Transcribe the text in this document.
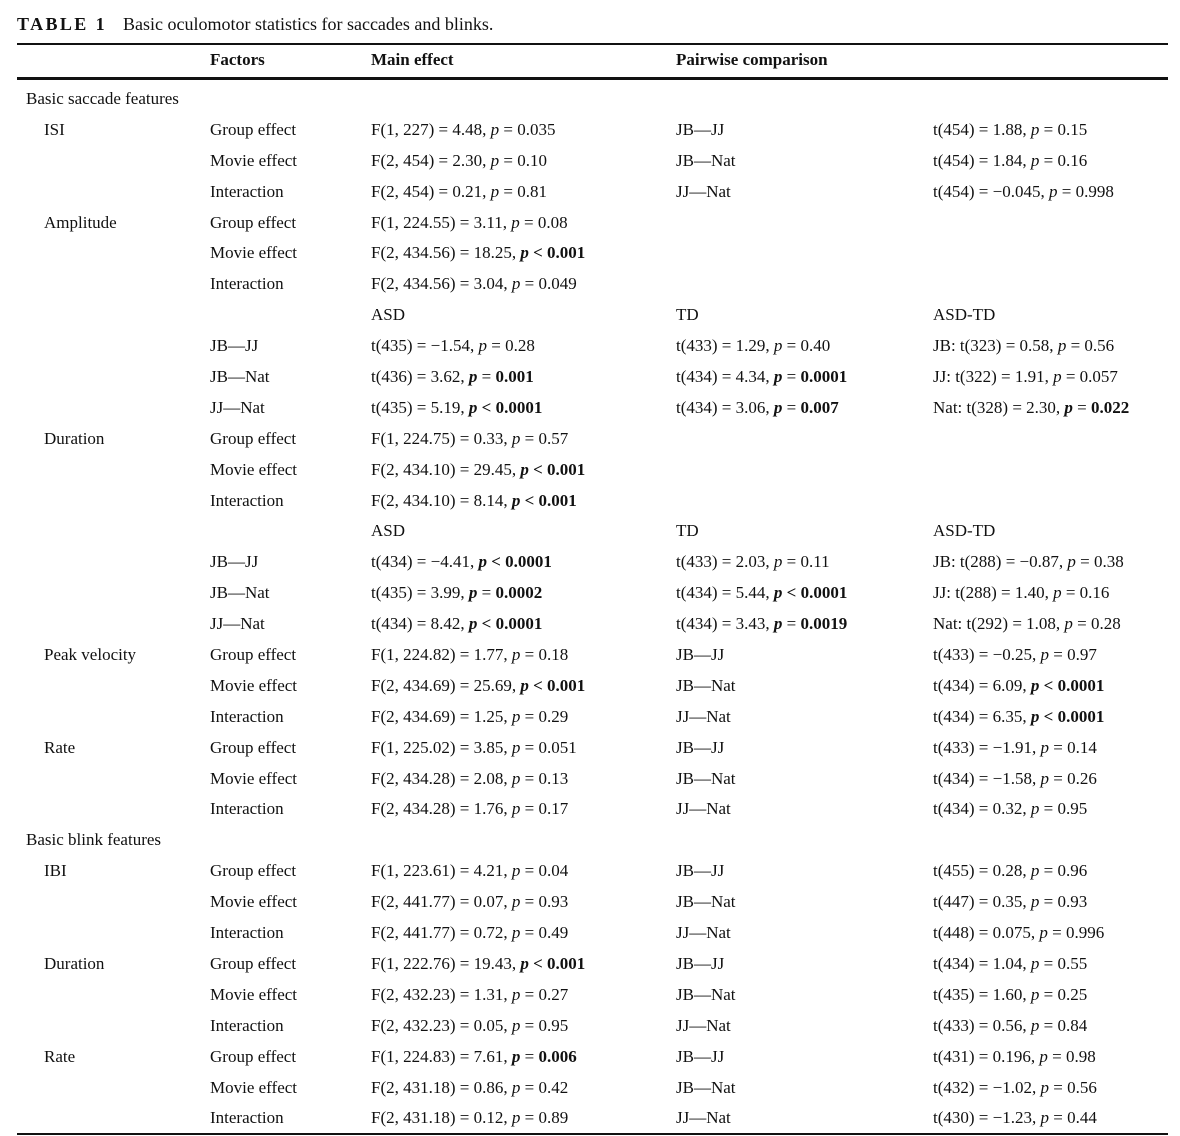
TABLE 1 Basic oculomotor statistics for saccades and blinks.
Factors	Main effect	Pairwise comparison
Basic saccade features
ISI	Group effect	F(1, 227) = 4.48, p = 0.035	JB—JJ	t(454) = 1.88, p = 0.15
Movie effect	F(2, 454) = 2.30, p = 0.10	JB—Nat	t(454) = 1.84, p = 0.16
Interaction	F(2, 454) = 0.21, p = 0.81	JJ—Nat	t(454) = −0.045, p = 0.998
Amplitude	Group effect	F(1, 224.55) = 3.11, p = 0.08
Movie effect	F(2, 434.56) = 18.25, p < 0.001
Interaction	F(2, 434.56) = 3.04, p = 0.049
ASD	TD	ASD-TD
JB—JJ	t(435) = −1.54, p = 0.28	t(433) = 1.29, p = 0.40	JB: t(323) = 0.58, p = 0.56
JB—Nat	t(436) = 3.62, p = 0.001	t(434) = 4.34, p = 0.0001	JJ: t(322) = 1.91, p = 0.057
JJ—Nat	t(435) = 5.19, p < 0.0001	t(434) = 3.06, p = 0.007	Nat: t(328) = 2.30, p = 0.022
Duration	Group effect	F(1, 224.75) = 0.33, p = 0.57
Movie effect	F(2, 434.10) = 29.45, p < 0.001
Interaction	F(2, 434.10) = 8.14, p < 0.001
ASD	TD	ASD-TD
JB—JJ	t(434) = −4.41, p < 0.0001	t(433) = 2.03, p = 0.11	JB: t(288) = −0.87, p = 0.38
JB—Nat	t(435) = 3.99, p = 0.0002	t(434) = 5.44, p < 0.0001	JJ: t(288) = 1.40, p = 0.16
JJ—Nat	t(434) = 8.42, p < 0.0001	t(434) = 3.43, p = 0.0019	Nat: t(292) = 1.08, p = 0.28
Peak velocity	Group effect	F(1, 224.82) = 1.77, p = 0.18	JB—JJ	t(433) = −0.25, p = 0.97
Movie effect	F(2, 434.69) = 25.69, p < 0.001	JB—Nat	t(434) = 6.09, p < 0.0001
Interaction	F(2, 434.69) = 1.25, p = 0.29	JJ—Nat	t(434) = 6.35, p < 0.0001
Rate	Group effect	F(1, 225.02) = 3.85, p = 0.051	JB—JJ	t(433) = −1.91, p = 0.14
Movie effect	F(2, 434.28) = 2.08, p = 0.13	JB—Nat	t(434) = −1.58, p = 0.26
Interaction	F(2, 434.28) = 1.76, p = 0.17	JJ—Nat	t(434) = 0.32, p = 0.95
Basic blink features
IBI	Group effect	F(1, 223.61) = 4.21, p = 0.04	JB—JJ	t(455) = 0.28, p = 0.96
Movie effect	F(2, 441.77) = 0.07, p = 0.93	JB—Nat	t(447) = 0.35, p = 0.93
Interaction	F(2, 441.77) = 0.72, p = 0.49	JJ—Nat	t(448) = 0.075, p = 0.996
Duration	Group effect	F(1, 222.76) = 19.43, p < 0.001	JB—JJ	t(434) = 1.04, p = 0.55
Movie effect	F(2, 432.23) = 1.31, p = 0.27	JB—Nat	t(435) = 1.60, p = 0.25
Interaction	F(2, 432.23) = 0.05, p = 0.95	JJ—Nat	t(433) = 0.56, p = 0.84
Rate	Group effect	F(1, 224.83) = 7.61, p = 0.006	JB—JJ	t(431) = 0.196, p = 0.98
Movie effect	F(2, 431.18) = 0.86, p = 0.42	JB—Nat	t(432) = −1.02, p = 0.56
Interaction	F(2, 431.18) = 0.12, p = 0.89	JJ—Nat	t(430) = −1.23, p = 0.44
